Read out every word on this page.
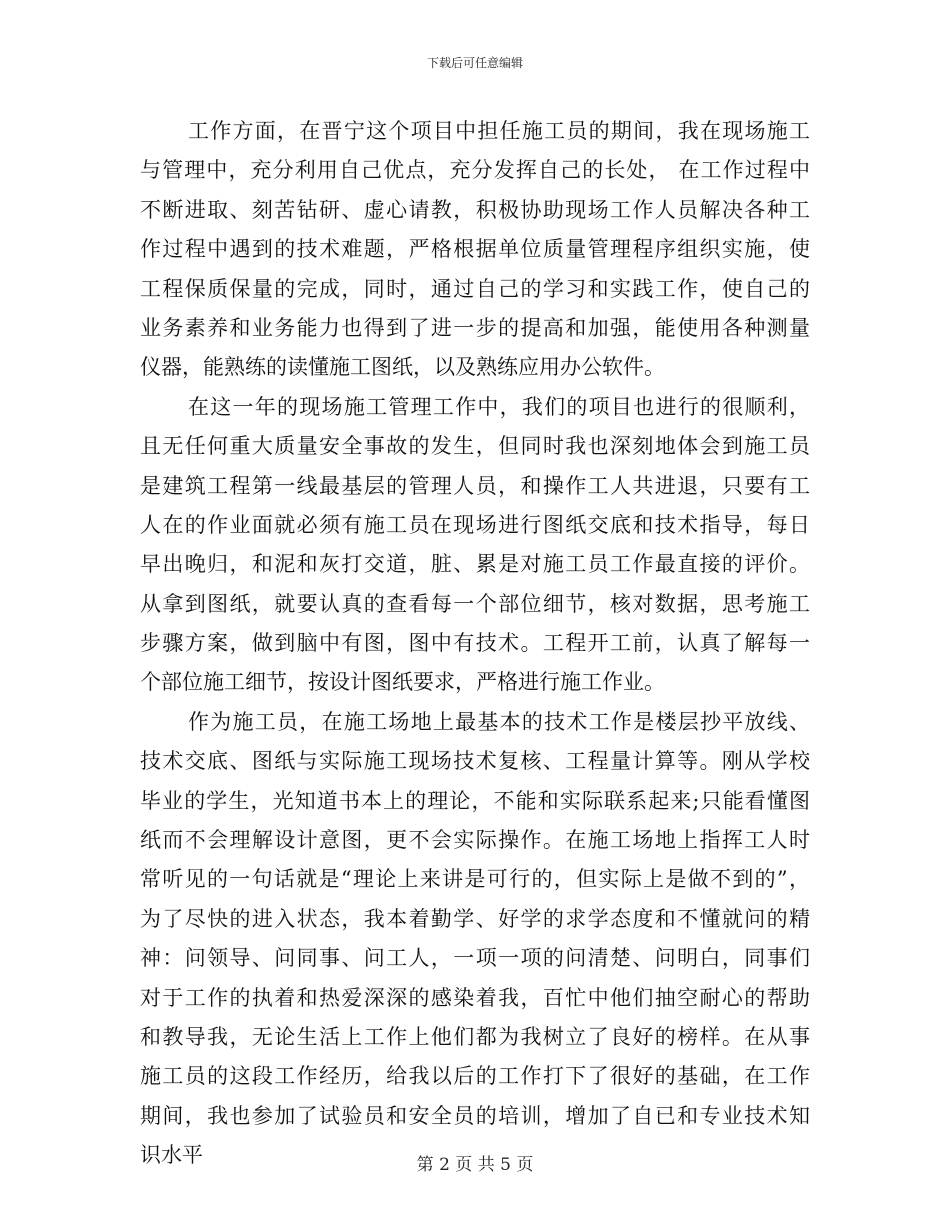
下载后可任意编辑
工作方面，在晋宁这个项目中担任施工员的期间，我在现场施工
与管理中，充分利用自己优点，充分发挥自己的长处， 在工作过程中
不断进取、刻苦钻研、虚心请教，积极协助现场工作人员解决各种工
作过程中遇到的技术难题，严格根据单位质量管理程序组织实施，使
工程保质保量的完成，同时，通过自己的学习和实践工作，使自己的
业务素养和业务能力也得到了进一步的提高和加强，能使用各种测量
仪器，能熟练的读懂施工图纸，以及熟练应用办公软件。
在这一年的现场施工管理工作中，我们的项目也进行的很顺利，
且无任何重大质量安全事故的发生，但同时我也深刻地体会到施工员
是建筑工程第一线最基层的管理人员，和操作工人共进退，只要有工
人在的作业面就必须有施工员在现场进行图纸交底和技术指导，每日
早出晚归，和泥和灰打交道，脏、累是对施工员工作最直接的评价。
从拿到图纸，就要认真的查看每一个部位细节，核对数据，思考施工
步骤方案，做到脑中有图，图中有技术。工程开工前，认真了解每一
个部位施工细节，按设计图纸要求，严格进行施工作业。
作为施工员，在施工场地上最基本的技术工作是楼层抄平放线、
技术交底、图纸与实际施工现场技术复核、工程量计算等。刚从学校
毕业的学生，光知道书本上的理论，不能和实际联系起来;只能看懂图
纸而不会理解设计意图，更不会实际操作。在施工场地上指挥工人时
常听见的一句话就是“理论上来讲是可行的，但实际上是做不到的”，
为了尽快的进入状态，我本着勤学、好学的求学态度和不懂就问的精
神：问领导、问同事、问工人，一项一项的问清楚、问明白，同事们
对于工作的执着和热爱深深的感染着我，百忙中他们抽空耐心的帮助
和教导我，无论生活上工作上他们都为我树立了良好的榜样。在从事
施工员的这段工作经历，给我以后的工作打下了很好的基础，在工作
期间，我也参加了试验员和安全员的培训，增加了自已和专业技术知
识水平	第 2 页 共 5 页
